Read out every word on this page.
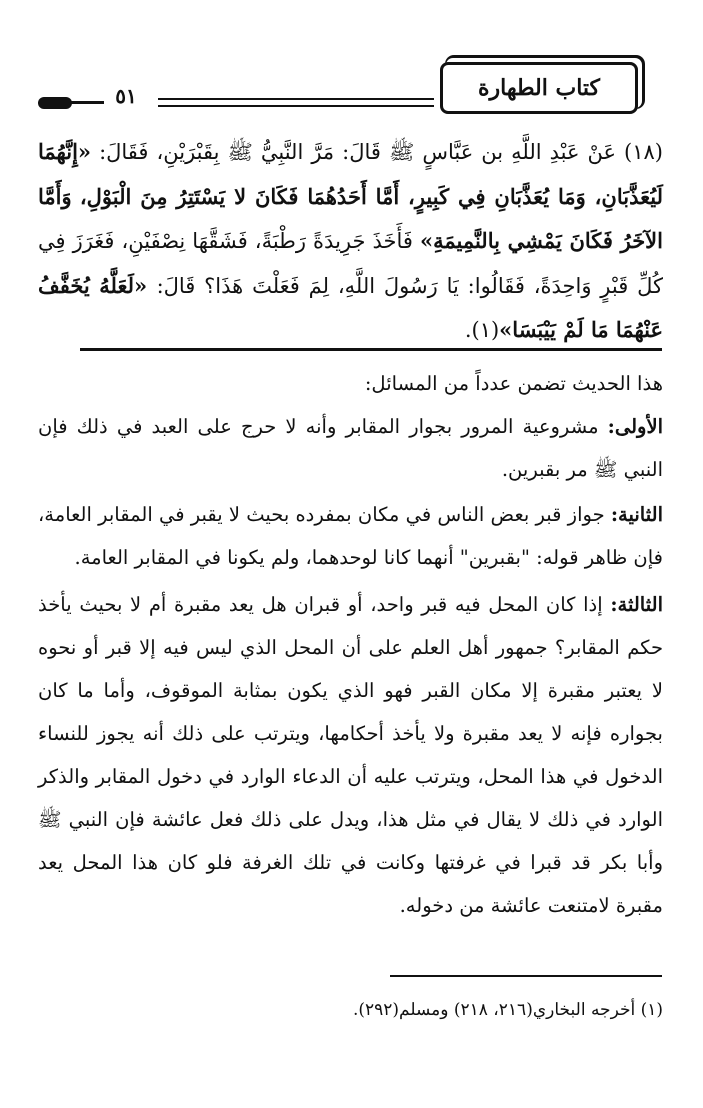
كتاب الطهارة
٥١

(١٨) عَنْ عَبْدِ اللَّهِ بن عَبَّاسٍ ﷺ قَالَ: مَرَّ النَّبِيُّ ﷺ بِقَبْرَيْنِ، فَقَالَ: «إِنَّهُمَا لَيُعَذَّبَانِ، وَمَا يُعَذَّبَانِ فِي كَبِيرٍ، أَمَّا أَحَدُهُمَا فَكَانَ لا يَسْتَتِرُ مِنَ الْبَوْلِ، وَأَمَّا الآخَرُ فَكَانَ يَمْشِي بِالنَّمِيمَةِ» فَأَخَذَ جَرِيدَةً رَطْبَةً، فَشَقَّهَا نِصْفَيْنِ، فَغَرَزَ فِي كُلِّ قَبْرٍ وَاحِدَةً، فَقَالُوا: يَا رَسُولَ اللَّهِ، لِمَ فَعَلْتَ هَذَا؟ قَالَ: «لَعَلَّهُ يُخَفَّفُ عَنْهُمَا مَا لَمْ يَيْبَسَا»(١).

هذا الحديث تضمن عدداً من المسائل:

الأولى: مشروعية المرور بجوار المقابر وأنه لا حرج على العبد في ذلك فإن النبي ﷺ مر بقبرين.

الثانية: جواز قبر بعض الناس في مكان بمفرده بحيث لا يقبر في المقابر العامة، فإن ظاهر قوله: "بقبرين" أنهما كانا لوحدهما، ولم يكونا في المقابر العامة.

الثالثة: إذا كان المحل فيه قبر واحد، أو قبران هل يعد مقبرة أم لا بحيث يأخذ حكم المقابر؟ جمهور أهل العلم على أن المحل الذي ليس فيه إلا قبر أو نحوه لا يعتبر مقبرة إلا مكان القبر فهو الذي يكون بمثابة الموقوف، وأما ما كان بجواره فإنه لا يعد مقبرة ولا يأخذ أحكامها، ويترتب على ذلك أنه يجوز للنساء الدخول في هذا المحل، ويترتب عليه أن الدعاء الوارد في دخول المقابر والذكر الوارد في ذلك لا يقال في مثل هذا، ويدل على ذلك فعل عائشة فإن النبي ﷺ وأبا بكر قد قبرا في غرفتها وكانت في تلك الغرفة فلو كان هذا المحل يعد مقبرة لامتنعت عائشة من دخوله.

(١) أخرجه البخاري(٢١٦، ٢١٨) ومسلم(٢٩٢).
